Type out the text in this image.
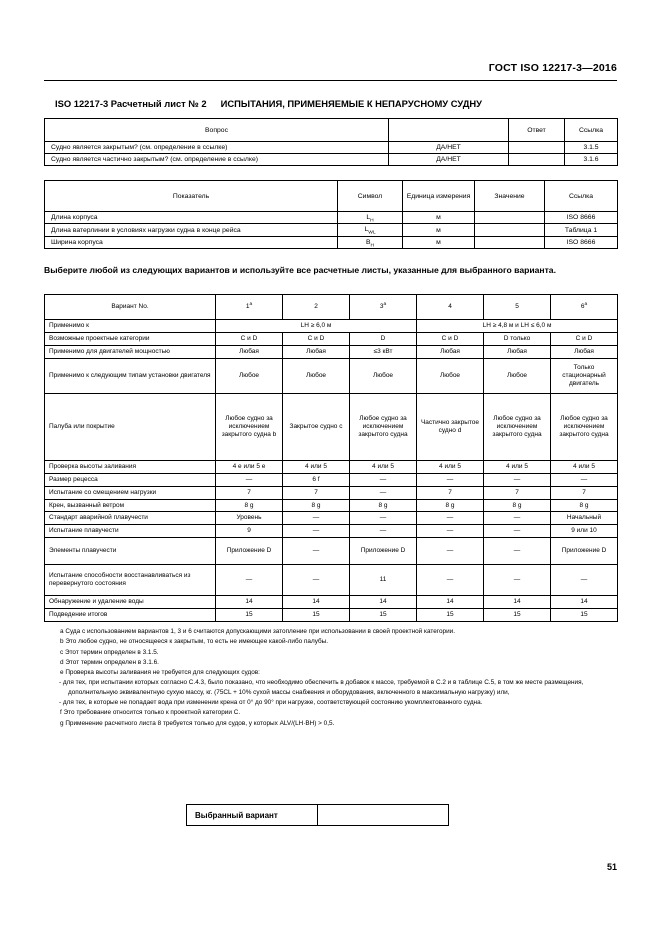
ГОСТ ISO 12217-3—2016
ISO 12217-3 Расчетный лист № 2 ИСПЫТАНИЯ, ПРИМЕНЯЕМЫЕ К НЕПАРУСНОМУ СУДНУ
Вопрос		Ответ	Ссылка
Судно является закрытым? (см. определение в ссылке)	ДА/НЕТ		3.1.5
Судно является частично закрытым? (см. определение в ссылке)	ДА/НЕТ		3.1.6
Показатель	Символ	Единица измерения	Значение	Ссылка
Длина корпуса	$L_H$	м		ISO 8666
Длина ватерлинии в условиях нагрузки судна в конце рейса	$L_{WL}$	м		Таблица 1
Ширина корпуса	$B_H$	м		ISO 8666
Выберите любой из следующих вариантов и используйте все расчетные листы, указанные для выбранного варианта.
Вариант No.	1$^a$	2	3$^a$	4	5	6$^a$
Применимо к	LH ≥ 6,0 м			LH ≥ 4,8 м и LH ≤ 6,0 м		
Возможные проектные категории	C и D	C и D	D	C и D	D только	С и D
Применимо для двигателей мощностью	Любая	Любая	≤3 кВт	Любая	Любая	Любая
Применимо к следующим типам установки двигателя	Любое	Любое	Любое	Любое	Любое	Только стационарный двигатель
Палуба или покрытие	Любое судно за исключением закрытого судна b	Закрытое судно c	Любое судно за исключением закрытого судна	Частично закрытое судно d	Любое судно за исключением закрытого судна	Любое судно за исключением закрытого судна
Проверка высоты заливания	4 e или 5 e	4 или 5	4 или 5	4 или 5	4 или 5	4 или 5
Размер рецесса	—	6 f	—	—	—	—
Испытание со смещением нагрузки	7	7	—	7	7	7
Крен, вызванный ветром	8 g	8 g	8 g	8 g	8 g	8 g
Стандарт аварийной плавучести	Уровень	—	—	—	—	Начальный
Испытание плавучести	9	—	—	—	—	9 или 10
Элементы плавучести	Приложение D	—	Приложение D	—	—	Приложение D
Испытание способности восстанавливаться из перевернутого состояния	—	—	11	—	—	—
Обнаружение и удаление воды	14	14	14	14	14	14
Подведение итогов	15	15	15	15	15	15

a Суда с использованием вариантов 1, 3 и 6 считаются допускающими затопление при использовании в своей проектной категории.

b Это любое судно, не относящееся к закрытым, то есть не имеющее какой-либо палубы.

c Этот термин определен в 3.1.5.

d Этот термин определен в 3.1.6.

e Проверка высоты заливания не требуется для следующих судов:

- для тех, при испытании которых согласно C.4.3, было показано, что необходимо обеспечить в добавок к массе, требуемой в C.2 и в таблице C.5, в том же месте размещения, дополнительную эквивалентную сухую массу, кг. (75CL + 10% сухой массы снабжения и оборудования, включенного в максимальную нагрузку) или,

- для тех, в которые не попадает вода при изменении крена от 0° до 90° при нагрузке, соответствующей состоянию укомплектованного судна.

f Это требование относится только к проектной категории С.

g Применение расчетного листа 8 требуется только для судов, у которых ALV/(LH·BH) > 0,5.

Выбранный вариант	
51
